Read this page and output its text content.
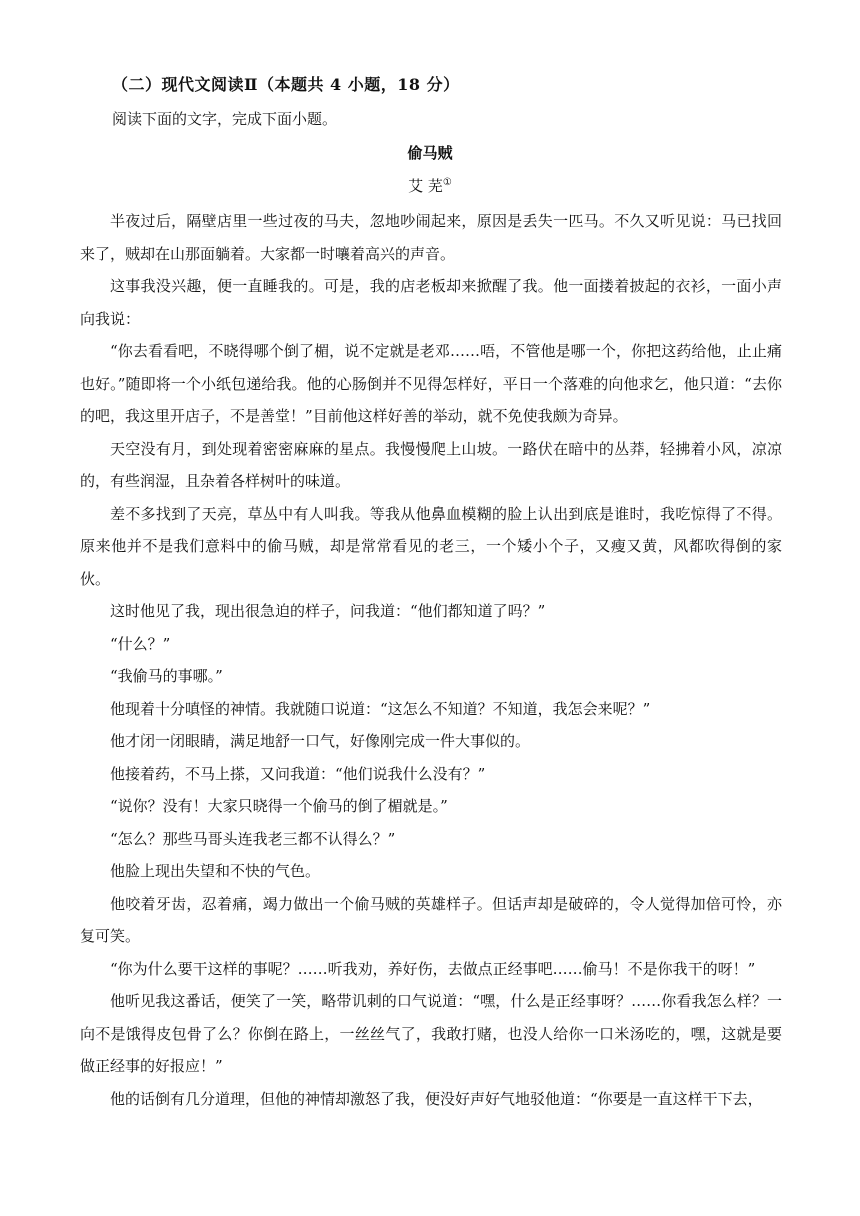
（二）现代文阅读Ⅱ（本题共 4 小题，18 分）
阅读下面的文字，完成下面小题。
偷马贼
艾 芜①

半夜过后，隔壁店里一些过夜的马夫，忽地吵闹起来，原因是丢失一匹马。不久又听见说：马已找回来了，贼却在山那面躺着。大家都一时嚷着高兴的声音。

这事我没兴趣，便一直睡我的。可是，我的店老板却来掀醒了我。他一面搂着披起的衣衫，一面小声向我说：

“你去看看吧，不晓得哪个倒了楣，说不定就是老邓……唔，不管他是哪一个，你把这药给他，止止痛也好。”随即将一个小纸包递给我。他的心肠倒并不见得怎样好，平日一个落难的向他求乞，他只道：“去你的吧，我这里开店子，不是善堂！”目前他这样好善的举动，就不免使我颇为奇异。

天空没有月，到处现着密密麻麻的星点。我慢慢爬上山坡。一路伏在暗中的丛莽，轻拂着小风，凉凉的，有些润湿，且杂着各样树叶的味道。

差不多找到了天亮，草丛中有人叫我。等我从他鼻血模糊的脸上认出到底是谁时，我吃惊得了不得。原来他并不是我们意料中的偷马贼，却是常常看见的老三，一个矮小个子，又瘦又黄，风都吹得倒的家伙。

这时他见了我，现出很急迫的样子，问我道：“他们都知道了吗？”

“什么？”

“我偷马的事哪。”

他现着十分嗔怪的神情。我就随口说道：“这怎么不知道？不知道，我怎会来呢？”

他才闭一闭眼睛，满足地舒一口气，好像刚完成一件大事似的。

他接着药，不马上搽，又问我道：“他们说我什么没有？”

“说你？没有！大家只晓得一个偷马的倒了楣就是。”

“怎么？那些马哥头连我老三都不认得么？”

他脸上现出失望和不快的气色。

他咬着牙齿，忍着痛，竭力做出一个偷马贼的英雄样子。但话声却是破碎的，令人觉得加倍可怜，亦复可笑。

“你为什么要干这样的事呢？……听我劝，养好伤，去做点正经事吧……偷马！不是你我干的呀！”

他听见我这番话，便笑了一笑，略带讥刺的口气说道：“嘿，什么是正经事呀？……你看我怎么样？一向不是饿得皮包骨了么？你倒在路上，一丝丝气了，我敢打赌，也没人给你一口米汤吃的，嘿，这就是要做正经事的好报应！”

他的话倒有几分道理，但他的神情却激怒了我，便没好声好气地驳他道：“你要是一直这样干下去，
